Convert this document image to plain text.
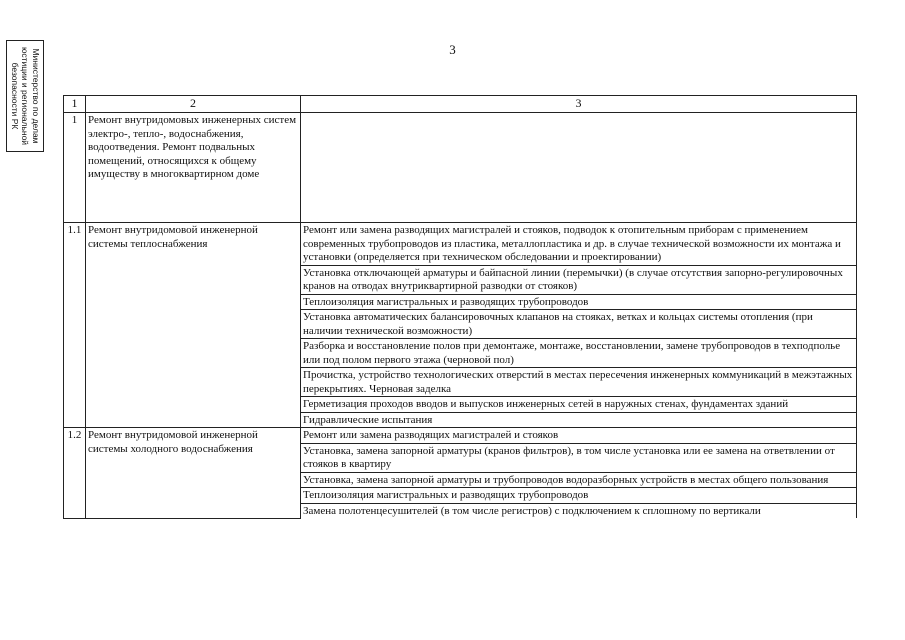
Министерство по делам юстиции и региональной безопасности РК
3
1	2	3
1	Ремонт внутридомовых инженерных систем электро-, тепло-, водоснабжения, водоотведения. Ремонт подвальных помещений, относящихся к общему имуществу в многоквартирном доме	
1.1	Ремонт внутридомовой инженерной системы теплоснабжения	Ремонт или замена разводящих магистралей и стояков, подводок к отопительным приборам с применением современных трубопроводов из пластика, металлопластика и др. в случае технической возможности их монтажа и установки (определяется при техническом обследовании и проектировании)
		Установка отключающей арматуры и байпасной линии (перемычки) (в случае отсутствия запорно-регулировочных кранов на отводах внутриквартирной разводки от стояков)
		Теплоизоляция магистральных и разводящих трубопроводов
		Установка автоматических балансировочных клапанов на стояках, ветках и кольцах системы отопления (при наличии технической возможности)
		Разборка и восстановление полов при демонтаже, монтаже, восстановлении, замене трубопроводов в техподполье или под полом первого этажа (черновой пол)
		Прочистка, устройство технологических отверстий в местах пересечения инженерных коммуникаций в межэтажных перекрытиях. Черновая заделка
		Герметизация проходов вводов и выпусков инженерных сетей в наружных стенах, фундаментах зданий
		Гидравлические испытания
1.2	Ремонт внутридомовой инженерной системы холодного водоснабжения	Ремонт или замена разводящих магистралей и стояков
		Установка, замена запорной арматуры (кранов фильтров), в том числе установка или ее замена на ответвлении от стояков в квартиру
		Установка, замена запорной арматуры и трубопроводов водоразборных устройств в местах общего пользования
		Теплоизоляция магистральных и разводящих трубопроводов
		Замена полотенцесушителей (в том числе регистров) с подключением к сплошному по вертикали
